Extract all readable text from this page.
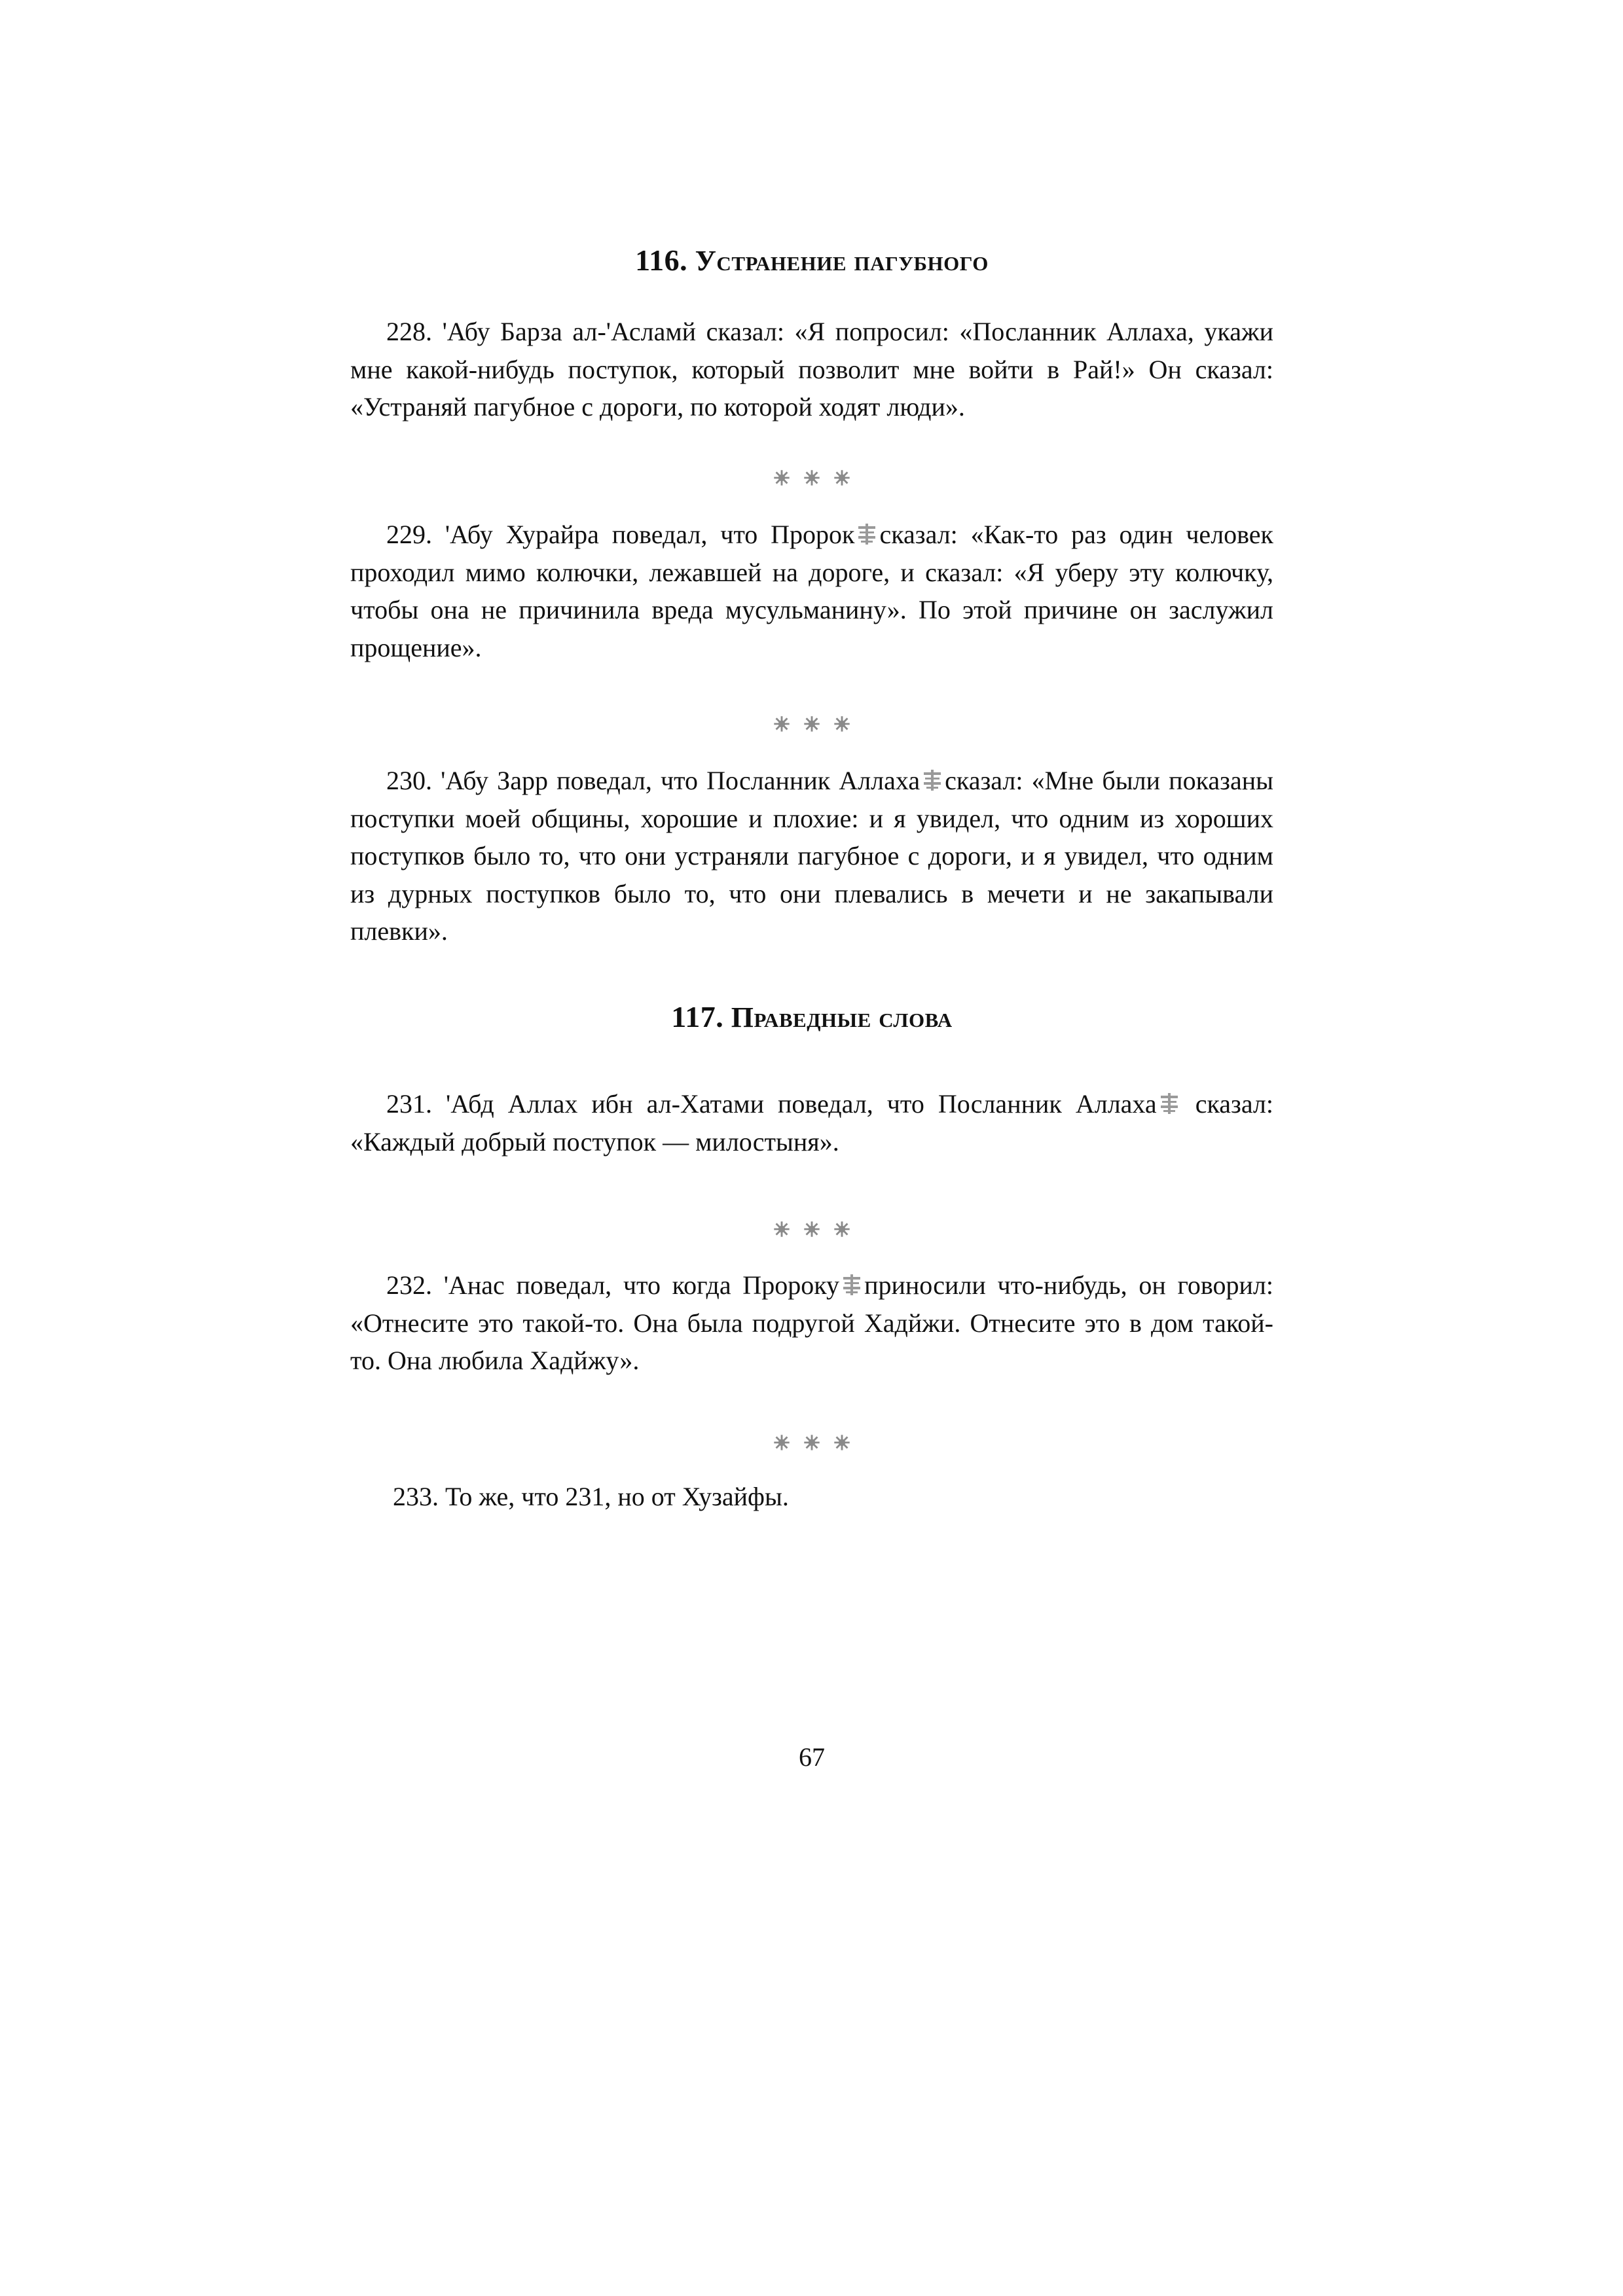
116. Устранение пагубного
228. 'Абу Барза ал-'Асламй сказал: «Я попросил: «Посланник Аллаха, укажи мне какой-нибудь поступок, который позволит мне войти в Рай!» Он сказал: «Устраняй пагубное с дороги, по которой ходят люди».
229. 'Абу Хурайра поведал, что Пророк сказал: «Как-то раз один человек проходил мимо колючки, лежавшей на дороге, и сказал: «Я уберу эту колючку, чтобы она не причинила вреда мусульманину». По этой причине он заслужил прощение».
230. 'Абу Зарр поведал, что Посланник Аллаха сказал: «Мне были показаны поступки моей общины, хорошие и плохие: и я увидел, что одним из хороших поступков было то, что они устраняли пагубное с дороги, и я увидел, что одним из дурных поступков было то, что они плевались в мечети и не закапывали плевки».
117. Праведные слова
231. 'Абд Аллах ибн ал-Хатами поведал, что Посланник Аллаха сказал: «Каждый добрый поступок — милостыня».
232. 'Анас поведал, что когда Пророку приносили что-нибудь, он говорил: «Отнесите это такой-то. Она была подругой Хадйжи. Отнесите это в дом такой-то. Она любила Хадйжу».
233. То же, что 231, но от Хузайфы.
67
